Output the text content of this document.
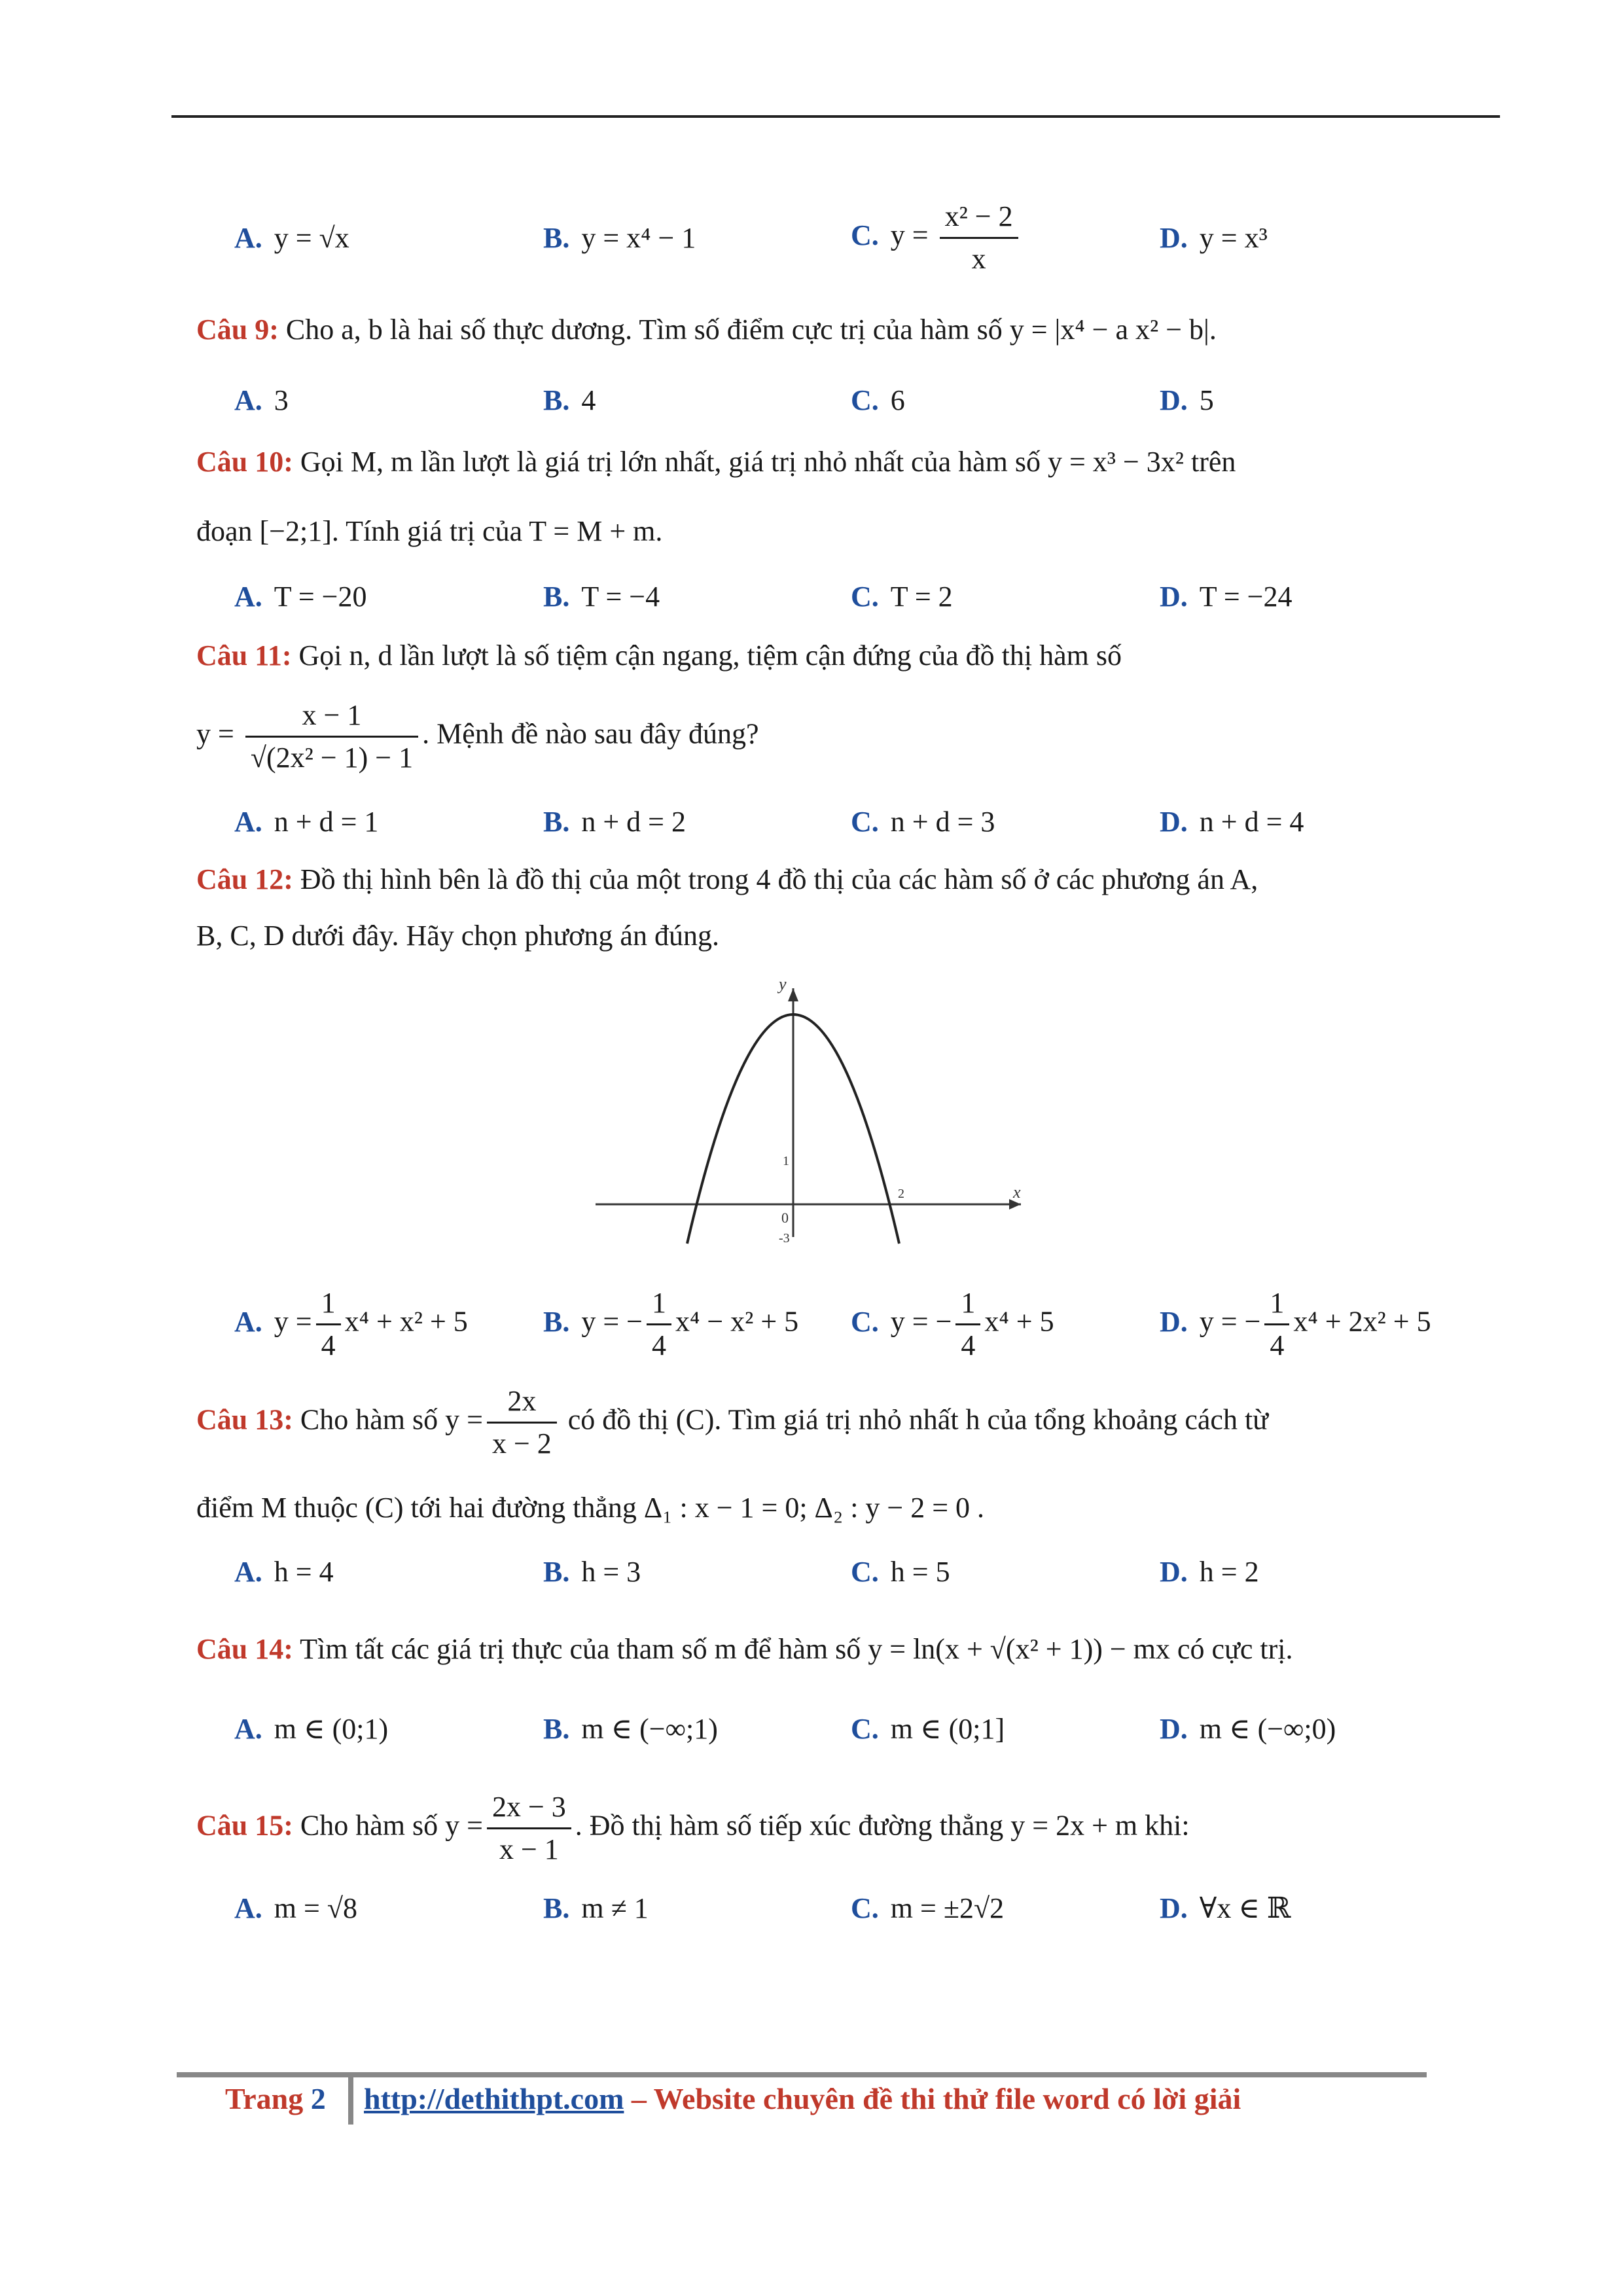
A. y = √x	B. y = x⁴ − 1	C. $y = \frac{\text{x² − 2}}{x}$	D. y = x³
Câu 9: Cho a, b là hai số thực dương. Tìm số điểm cực trị của hàm số y = |x⁴ − a x² − b|.
A. 3	B. 4	C. 6	D. 5
Câu 10: Gọi M, m lần lượt là giá trị lớn nhất, giá trị nhỏ nhất của hàm số y = x³ − 3x² trên
đoạn [−2;1]. Tính giá trị của T = M + m.
A. T = −20	B. T = −4	C. T = 2	D. T = −24
Câu 11: Gọi n, d lần lượt là số tiệm cận ngang, tiệm cận đứng của đồ thị hàm số
$y = \frac{x - 1}{\text{√(2x² − 1) − 1}}$ . Mệnh đề nào sau đây đúng?
A. n + d = 1	B. n + d = 2	C. n + d = 3	D. n + d = 4
Câu 12: Đồ thị hình bên là đồ thị của một trong 4 đồ thị của các hàm số ở các phương án A,
B, C, D dưới đây. Hãy chọn phương án đúng.
y
x
0
1
2
-3
A. $y = \frac{1}{4} x^4 + x^2 + 5$	B. y = − $\frac{1}{4} x^4 - x^2 + 5$ C. y = − $\frac{1}{4} x^4 + 5$	D. y = − $\frac{1}{4} x^4 + 2x^2 + 5$
Câu 13: Cho hàm số $y = \frac{2x}{x - 2}$ có đồ thị (C). Tìm giá trị nhỏ nhất h của tổng khoảng cách từ
điểm M thuộc (C) tới hai đường thẳng Δ₁ : x − 1 = 0; Δ₂ : y − 2 = 0 .
A. h = 4	B. h = 3	C. h = 5	D. h = 2
Câu 14: Tìm tất các giá trị thực của tham số m để hàm số y = ln(x + √(x² + 1)) − mx có cực trị.
A. m ∈ (0;1)	B. m ∈ (−∞;1)	C. m ∈ (0;1]	D. m ∈ (−∞;0)
Câu 15: Cho hàm số $y = \frac{2x - 3}{x - 1}$ . Đồ thị hàm số tiếp xúc đường thẳng y = 2x + m khi:
A. m = √8	B. m ≠ 1	C. m = ±2√2	D. ∀x ∈ ℝ
Trang 2 http://dethithpt.com – Website chuyên đề thi thử file word có lời giải
